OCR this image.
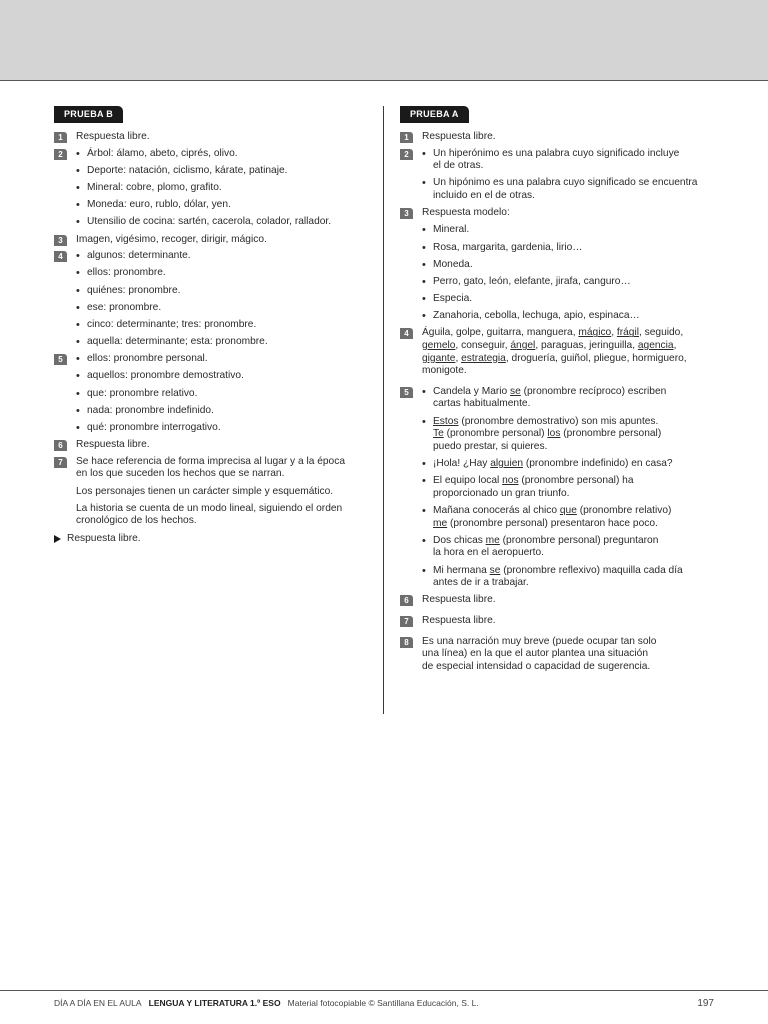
PRUEBA B
1	Respuesta libre.
2	• Árbol: álamo, abeto, ciprés, olivo.
• Deporte: natación, ciclismo, kárate, patinaje.
• Mineral: cobre, plomo, grafito.
• Moneda: euro, rublo, dólar, yen.
• Utensilio de cocina: sartén, cacerola, colador, rallador.
3	Imagen, vigésimo, recoger, dirigir, mágico.
4	• algunos: determinante.
• ellos: pronombre.
• quiénes: pronombre.
• ese: pronombre.
• cinco: determinante; tres: pronombre.
• aquella: determinante; esta: pronombre.
5	• ellos: pronombre personal.
• aquellos: pronombre demostrativo.
• que: pronombre relativo.
• nada: pronombre indefinido.
• qué: pronombre interrogativo.
6	Respuesta libre.
7	Se hace referencia de forma imprecisa al lugar y a la época
en los que suceden los hechos que se narran.
Los personajes tienen un carácter simple y esquemático.
La historia se cuenta de un modo lineal, siguiendo el orden
cronológico de los hechos.
Respuesta libre.
PRUEBA A
1	Respuesta libre.
2	• Un hiperónimo es una palabra cuyo significado incluye
el de otras.
• Un hipónimo es una palabra cuyo significado se encuentra
incluido en el de otras.
3	Respuesta modelo:
• Mineral.
• Rosa, margarita, gardenia, lirio…
• Moneda.
• Perro, gato, león, elefante, jirafa, canguro…
• Especia.
• Zanahoria, cebolla, lechuga, apio, espinaca…
4	Águila, golpe, guitarra, manguera, mágico, frágil, seguido,
gemelo, conseguir, ángel, paraguas, jeringuilla, agencia,
gigante, estrategia, droguería, guiñol, pliegue, hormiguero,
monigote.
5	• Candela y Mario se (pronombre recíproco) escriben
cartas habitualmente.
• Estos (pronombre demostrativo) son mis apuntes.
Te (pronombre personal) los (pronombre personal)
puedo prestar, si quieres.
• ¡Hola! ¿Hay alguien (pronombre indefinido) en casa?
• El equipo local nos (pronombre personal) ha
proporcionado un gran triunfo.
• Mañana conocerás al chico que (pronombre relativo)
me (pronombre personal) presentaron hace poco.
• Dos chicas me (pronombre personal) preguntaron
la hora en el aeropuerto.
• Mi hermana se (pronombre reflexivo) maquilla cada día
antes de ir a trabajar.
6	Respuesta libre.
7	Respuesta libre.
8	Es una narración muy breve (puede ocupar tan solo
una línea) en la que el autor plantea una situación
de especial intensidad o capacidad de sugerencia.
DÍA A DÍA EN EL AULA LENGUA Y LITERATURA 1.º ESO Material fotocopiable © Santillana Educación, S. L.	197
